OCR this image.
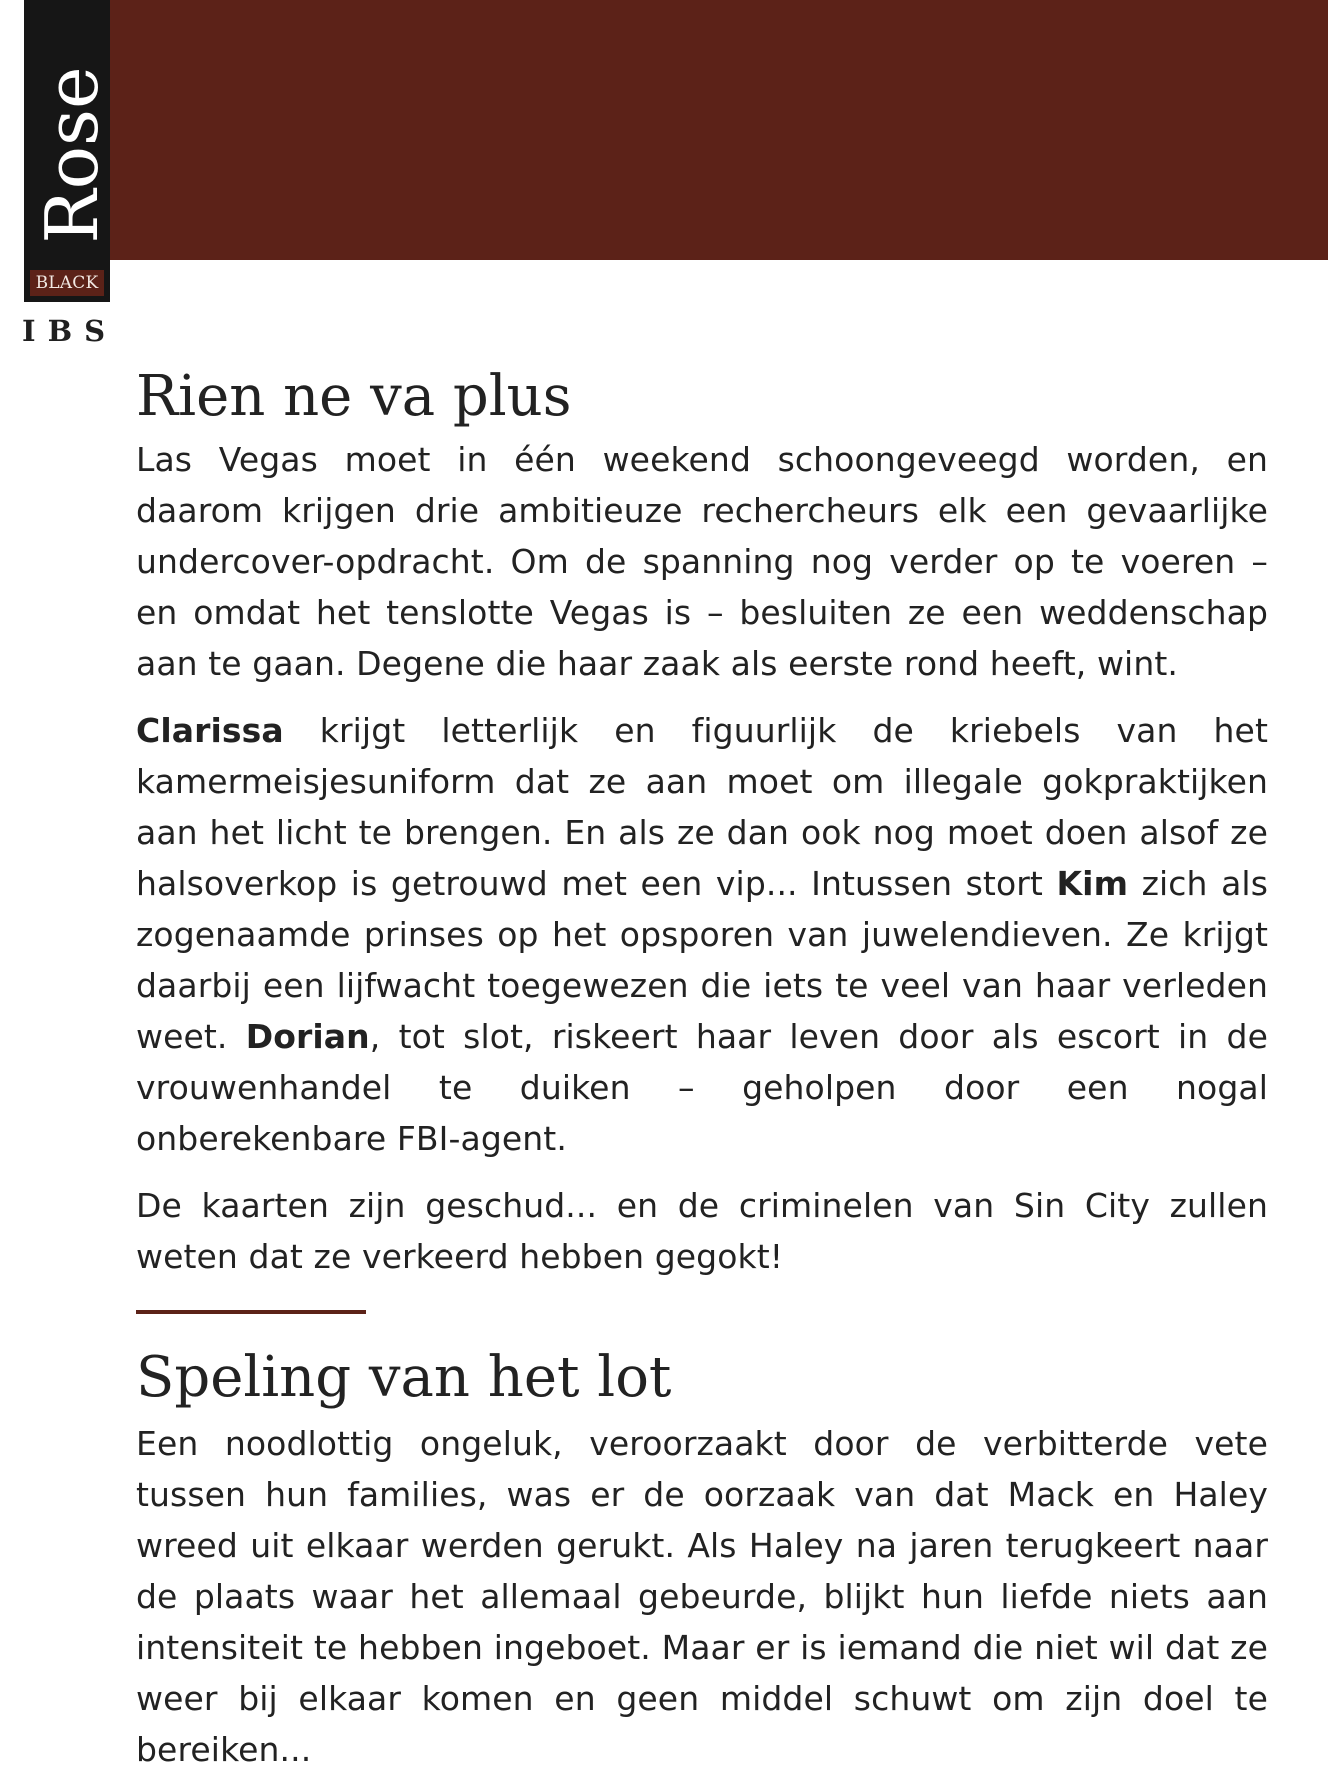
Rose
BLACK
IBS
Rien ne va plus

Las Vegas moet in één weekend schoongeveegd worden, en daarom krijgen drie ambitieuze rechercheurs elk een gevaarlijke undercover-opdracht. Om de spanning nog verder op te voeren – en omdat het tenslotte Vegas is – besluiten ze een weddenschap aan te gaan. Degene die haar zaak als eerste rond heeft, wint.

Clarissa krijgt letterlijk en figuurlijk de kriebels van het kamermeisjesuniform dat ze aan moet om illegale gokpraktijken aan het licht te brengen. En als ze dan ook nog moet doen alsof ze halsoverkop is getrouwd met een vip... Intussen stort Kim zich als zogenaamde prinses op het opsporen van juwelendieven. Ze krijgt daarbij een lijfwacht toegewezen die iets te veel van haar verleden weet. Dorian, tot slot, riskeert haar leven door als escort in de vrouwenhandel te duiken – geholpen door een nogal onberekenbare FBI-agent.

De kaarten zijn geschud... en de criminelen van Sin City zullen weten dat ze verkeerd hebben gegokt!

Speling van het lot

Een noodlottig ongeluk, veroorzaakt door de verbitterde vete tussen hun families, was er de oorzaak van dat Mack en Haley wreed uit elkaar werden gerukt. Als Haley na jaren terugkeert naar de plaats waar het allemaal gebeurde, blijkt hun liefde niets aan intensiteit te hebben ingeboet. Maar er is iemand die niet wil dat ze weer bij elkaar komen en geen middel schuwt om zijn doel te bereiken...
